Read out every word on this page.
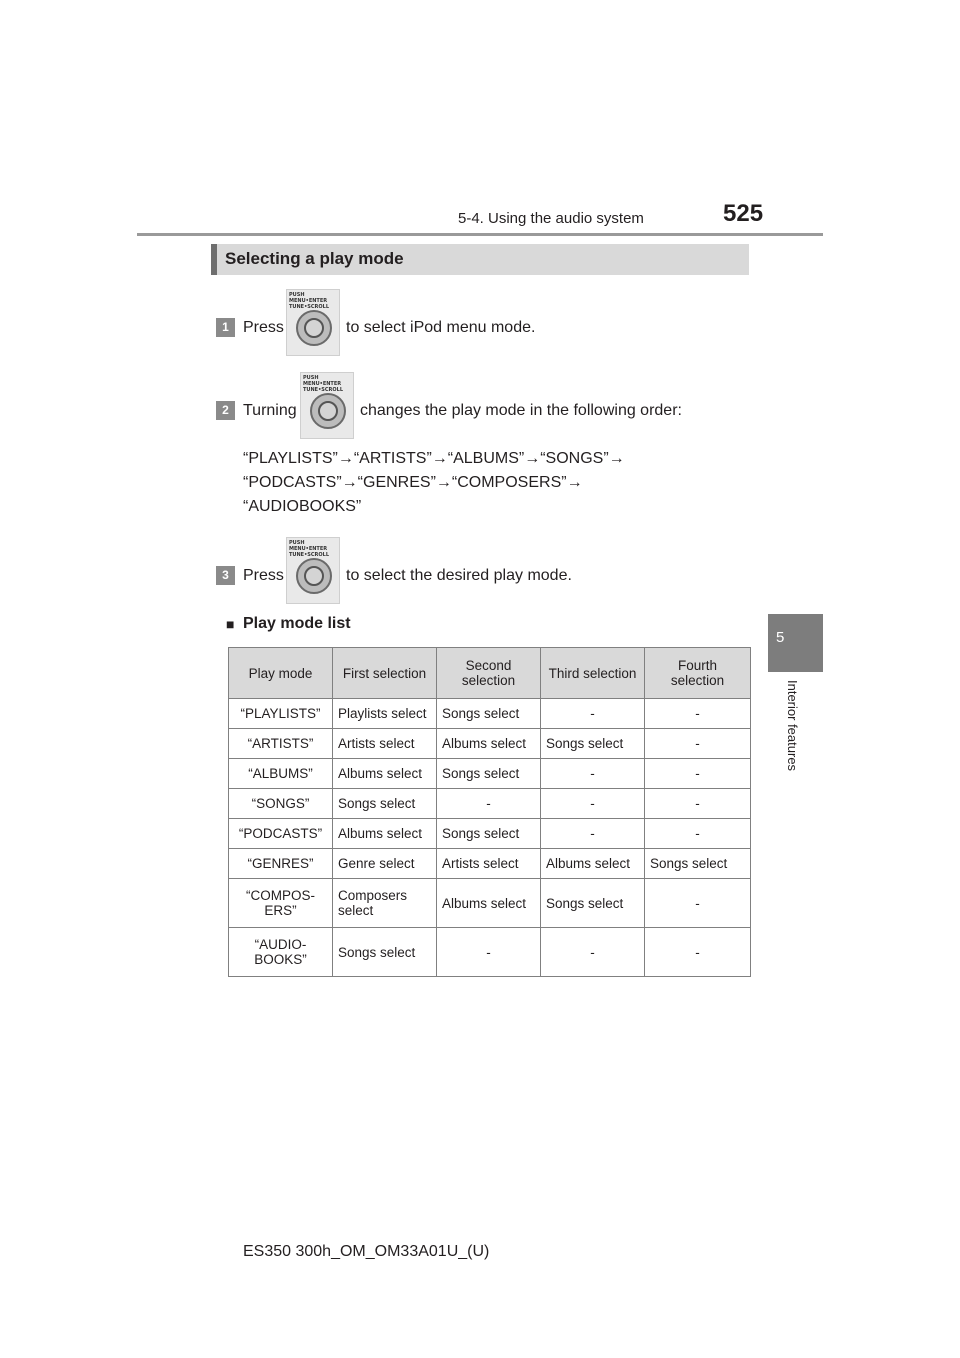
5-4. Using the audio system	525
5
Interior features
Selecting a play mode
1 Press
PUSH MENU•ENTER
TUNE•SCROLL
to select iPod menu mode.
2 Turning
PUSH MENU•ENTER
TUNE•SCROLL
changes the play mode in the following order:
“PLAYLISTS”→“ARTISTS”→“ALBUMS”→“SONGS”→
“PODCASTS”→“GENRES”→“COMPOSERS”→
“AUDIOBOOKS”
3 Press
PUSH MENU•ENTER
TUNE•SCROLL
to select the desired play mode.
■ Play mode list
Play mode	First selection	Second selection	Third selection	Fourth selection
“PLAYLISTS”	Playlists select	Songs select	-	-
“ARTISTS”	Artists select	Albums select	Songs select	-
“ALBUMS”	Albums select	Songs select	-	-
“SONGS”	Songs select	-	-	-
“PODCASTS”	Albums select	Songs select	-	-
“GENRES”	Genre select	Artists select	Albums select	Songs select
“COMPOS-ERS”	Composers select	Albums select	Songs select	-
“AUDIO-BOOKS”	Songs select	-	-	-
ES350 300h_OM_OM33A01U_(U)
